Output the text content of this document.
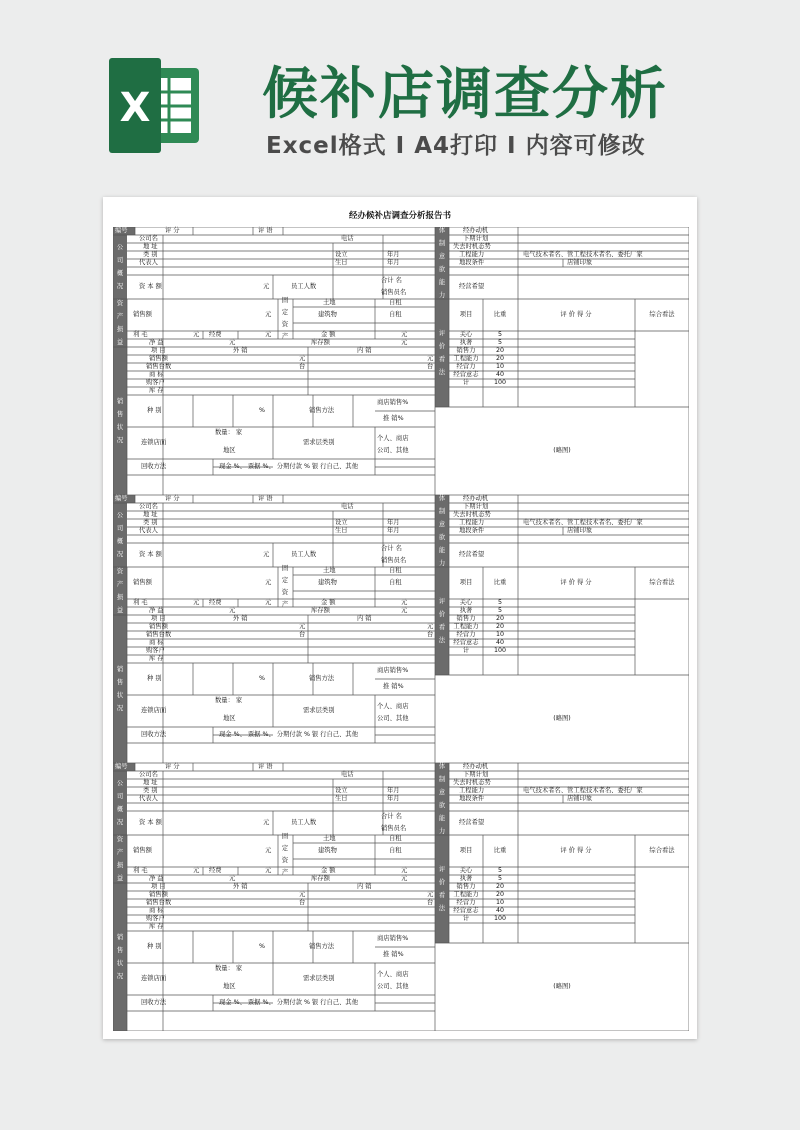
X 候补店调查分析
Excel格式 I A4打印 I 内容可修改
经办候补店调查分析报告书
编号	评 分	评 语
公司概况
资产损益
销售状况
体制意欲能力
评价看法
公司名	电话
地 址
类 别	设立	年月
代表人	生日	年月
资 本 额	元	员工人数
合计 名
销售员名
销售额	元
固定资产
土地	自租
建筑物	自租
利 毛	元 经费	元	金 额	元
净 益	元	库存额	元
项 目	外 销	内 销
销售额	元	元
销售台数	台	台
商 标
购客户
库 存
种 别	%	销售方法
商店销售%
推 销%
连锁店面
数量： 家
地区
需求层类别
个人、商店
公司、其他
回收方法	现金 %、 票据 %、 分期付款 % 银 行自己、其他
经办动机
下期计划
失去时机态势
工程能力	电气技术者名、管工程技术者名、委托厂家
地段条件	店铺印象
经营希望
项目	比重	评 价 得 分	综合看法
关心	5
执著	5
销售力	20
工程能力	20
经营力	10
经营意志	40
计	100
(略图)
编号	评 分	评 语
公司概况
资产损益
销售状况
体制意欲能力
评价看法
公司名	电话
地 址
类 别	设立	年月
代表人	生日	年月
资 本 额	元	员工人数
合计 名
销售员名
销售额	元
固定资产
土地	自租
建筑物	自租
利 毛	元 经费	元	金 额	元
净 益	元	库存额	元
项 目	外 销	内 销
销售额	元	元
销售台数	台	台
商 标
购客户
库 存
种 别	%	销售方法
商店销售%
推 销%
连锁店面
数量： 家
地区
需求层类别
个人、商店
公司、其他
回收方法	现金 %、 票据 %、 分期付款 % 银 行自己、其他
经办动机
下期计划
失去时机态势
工程能力	电气技术者名、管工程技术者名、委托厂家
地段条件	店铺印象
经营希望
项目	比重	评 价 得 分	综合看法
关心	5
执著	5
销售力	20
工程能力	20
经营力	10
经营意志	40
计	100
(略图)
编号	评 分	评 语
公司概况
资产损益
销售状况
体制意欲能力
评价看法
公司名	电话
地 址
类 别	设立	年月
代表人	生日	年月
资 本 额	元	员工人数
合计 名
销售员名
销售额	元
固定资产
土地	自租
建筑物	自租
利 毛	元 经费	元	金 额	元
净 益	元	库存额	元
项 目	外 销	内 销
销售额	元	元
销售台数	台	台
商 标
购客户
库 存
种 别	%	销售方法
商店销售%
推 销%
连锁店面
数量： 家
地区
需求层类别
个人、商店
公司、其他
回收方法	现金 %、 票据 %、 分期付款 % 银 行自己、其他
经办动机
下期计划
失去时机态势
工程能力	电气技术者名、管工程技术者名、委托厂家
地段条件	店铺印象
经营希望
项目	比重	评 价 得 分	综合看法
关心	5
执著	5
销售力	20
工程能力	20
经营力	10
经营意志	40
计	100
(略图)
